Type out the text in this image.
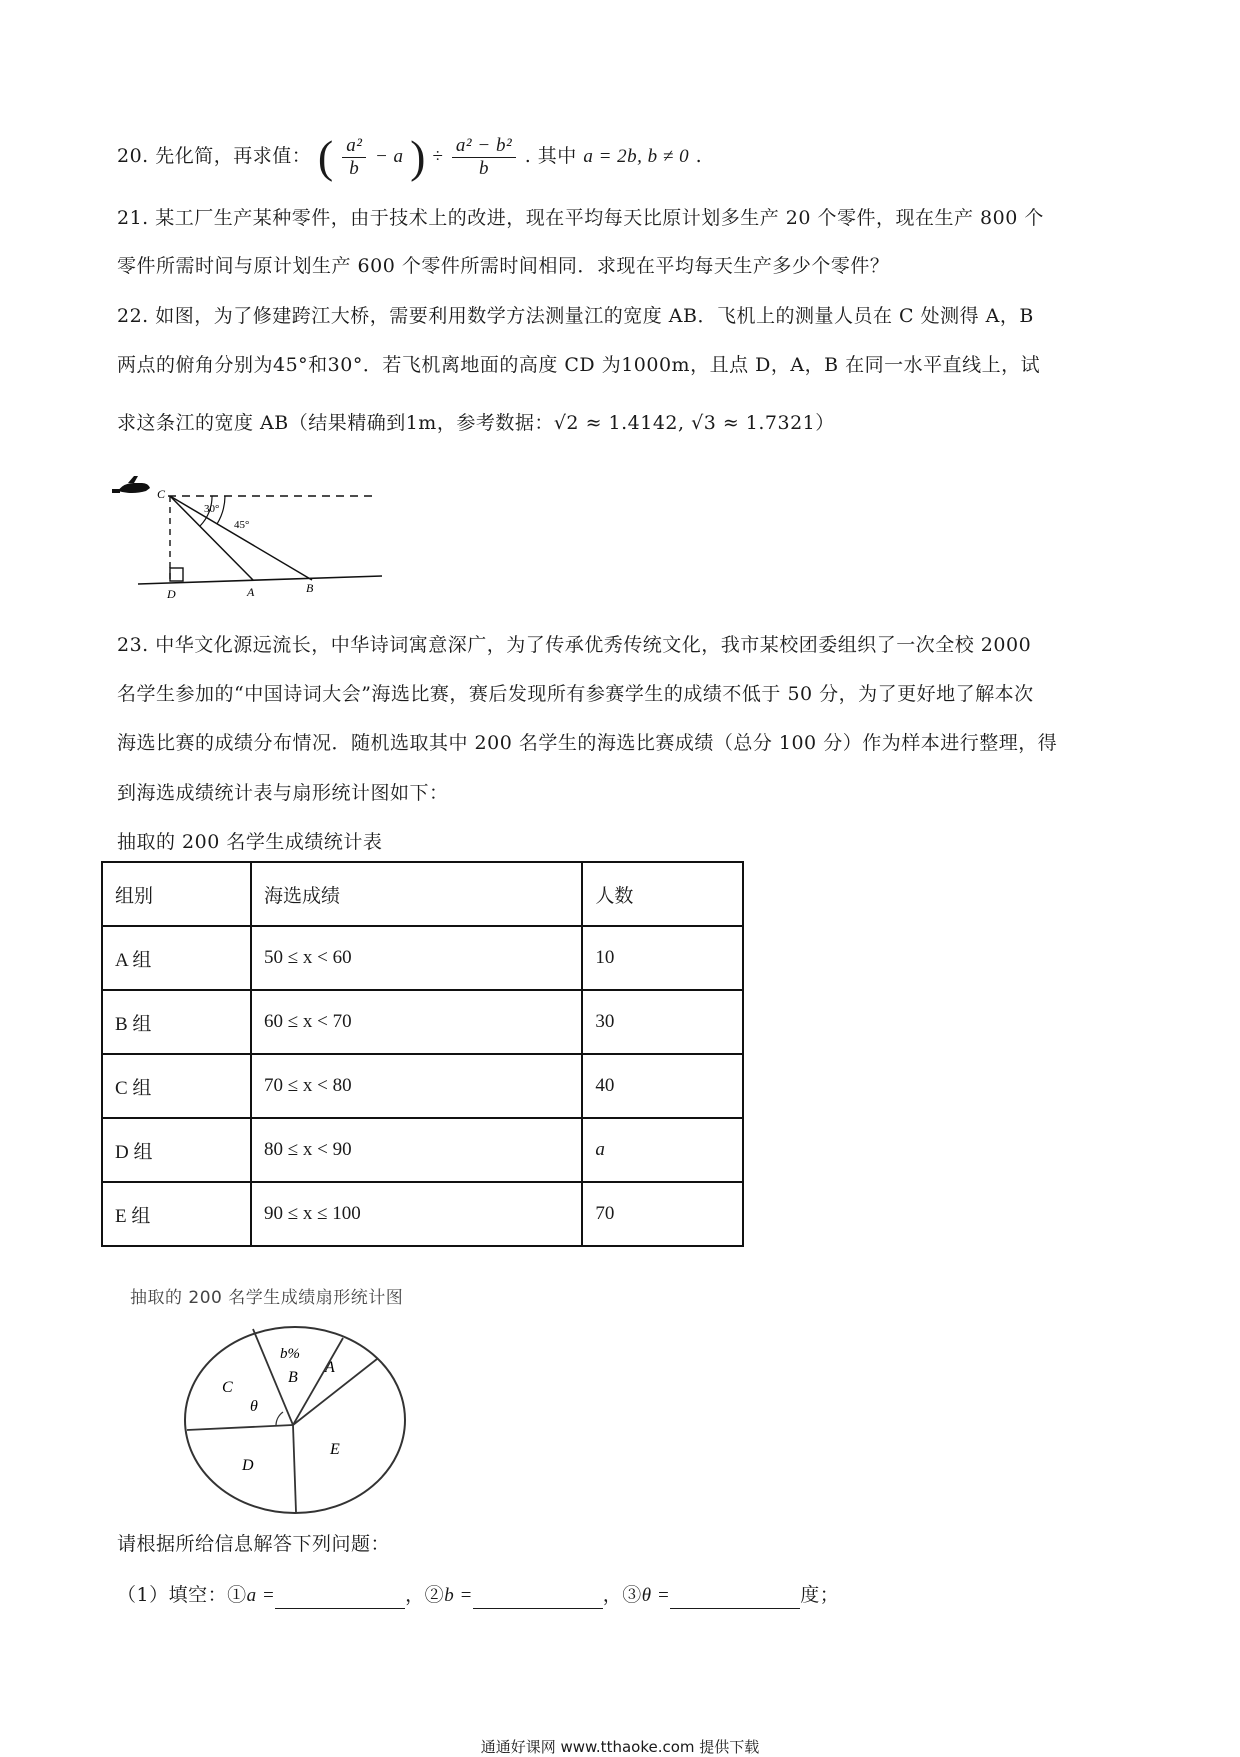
20. 先化简，再求值： ( $\frac{\text{a²}}{b} - a$ ) ÷ $\frac{\text{a² − b²}}{b}$ . 其中 a = 2b, b ≠ 0 .
21. 某工厂生产某种零件，由于技术上的改进，现在平均每天比原计划多生产 20 个零件，现在生产 800 个
零件所需时间与原计划生产 600 个零件所需时间相同．求现在平均每天生产多少个零件？
22. 如图，为了修建跨江大桥，需要利用数学方法测量江的宽度 AB．飞机上的测量人员在 C 处测得 A，B
两点的俯角分别为45°和30°．若飞机离地面的高度 CD 为1000m，且点 D，A，B 在同一水平直线上，试
求这条江的宽度 AB（结果精确到1m，参考数据：√2 ≈ 1.4142, √3 ≈ 1.7321）
C
30°
45°
D	A	B
23. 中华文化源远流长，中华诗词寓意深广，为了传承优秀传统文化，我市某校团委组织了一次全校 2000
名学生参加的“中国诗词大会”海选比赛，赛后发现所有参赛学生的成绩不低于 50 分，为了更好地了解本次
海选比赛的成绩分布情况．随机选取其中 200 名学生的海选比赛成绩（总分 100 分）作为样本进行整理，得
到海选成绩统计表与扇形统计图如下：
抽取的 200 名学生成绩统计表
组别	海选成绩	人数
A 组	50 ≤ x < 60	10
B 组	60 ≤ x < 70	30
C 组	70 ≤ x < 80	40
D 组	80 ≤ x < 90	a
E 组	90 ≤ x ≤ 100	70
抽取的 200 名学生成绩扇形统计图
C
θ
b%
B
A
D
E
请根据所给信息解答下列问题：
（1）填空：①a =	，②b =	，③θ =	度；
通通好课网 www.tthaoke.com 提供下载
